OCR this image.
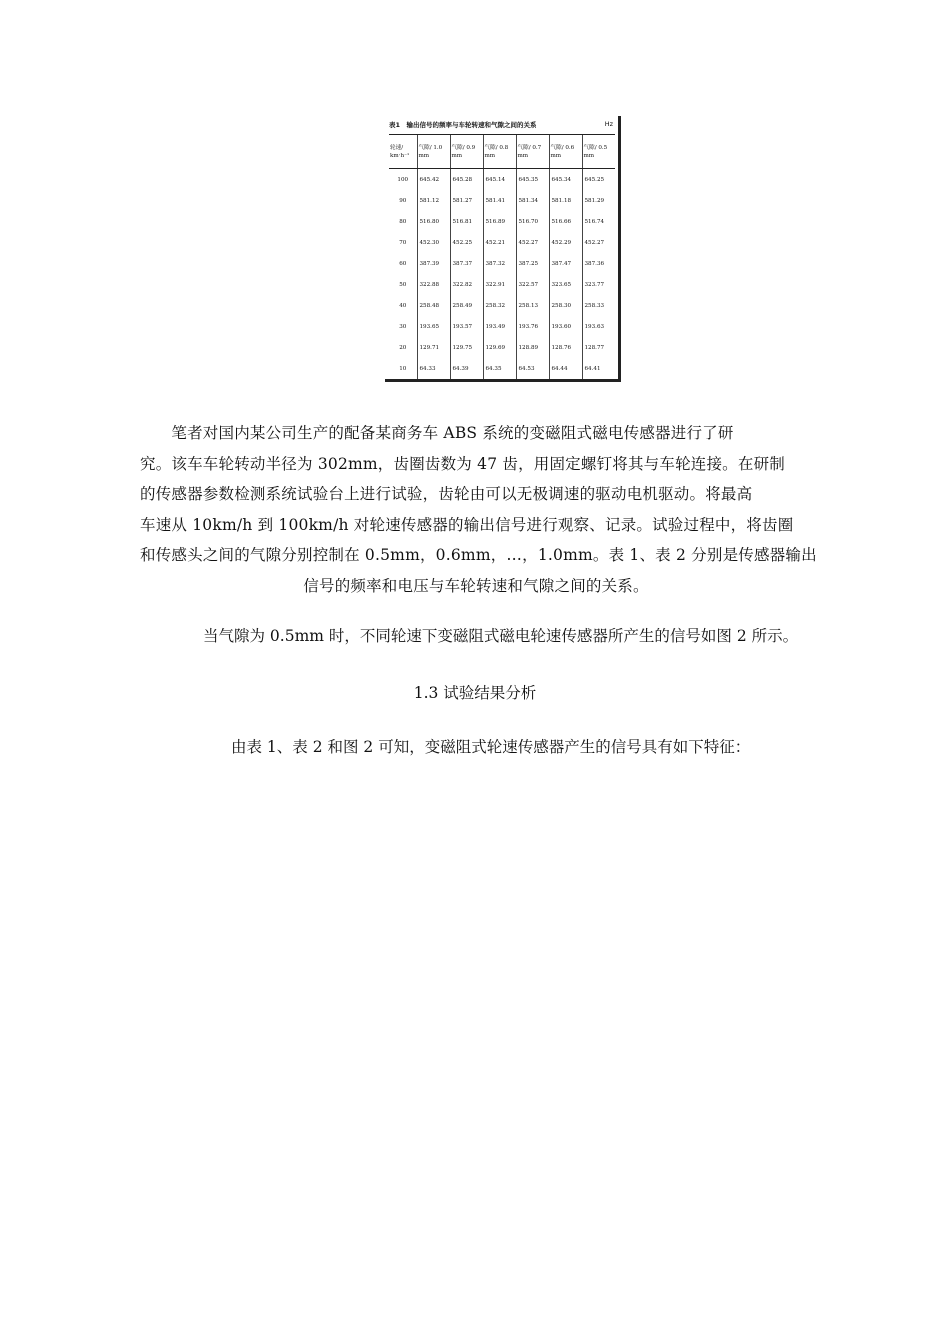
表1　输出信号的频率与车轮转速和气隙之间的关系	Hz
轮速/ km·h⁻¹	气隙/ 1.0 mm	气隙/ 0.9 mm	气隙/ 0.8 mm	气隙/ 0.7 mm	气隙/ 0.6 mm	气隙/ 0.5 mm
100	645.42	645.28	645.14	645.35	645.34	645.25
90	581.12	581.27	581.41	581.34	581.18	581.29
80	516.80	516.81	516.89	516.70	516.66	516.74
70	452.30	452.25	452.21	452.27	452.29	452.27
60	387.39	387.37	387.32	387.25	387.47	387.36
50	322.88	322.82	322.91	322.57	323.65	323.77
40	258.48	258.49	258.32	258.13	258.30	258.33
30	193.65	193.57	193.49	193.76	193.60	193.63
20	129.71	129.75	129.69	128.89	128.76	128.77
10	64.33	64.39	64.35	64.53	64.44	64.41
　　笔者对国内某公司生产的配备某商务车 ABS 系统的变磁阻式磁电传感器进行了研
究。该车车轮转动半径为 302mm，齿圈齿数为 47 齿，用固定螺钉将其与车轮连接。在研制
的传感器参数检测系统试验台上进行试验，齿轮由可以无极调速的驱动电机驱动。将最高
车速从 10km/h 到 100km/h 对轮速传感器的输出信号进行观察、记录。试验过程中，将齿圈
和传感头之间的气隙分别控制在 0.5mm，0.6mm，…，1.0mm。表 1、表 2 分别是传感器输出
信号的频率和电压与车轮转速和气隙之间的关系。
当气隙为 0.5mm 时，不同轮速下变磁阻式磁电轮速传感器所产生的信号如图 2 所示。
1.3 试验结果分析
由表 1、表 2 和图 2 可知，变磁阻式轮速传感器产生的信号具有如下特征：
